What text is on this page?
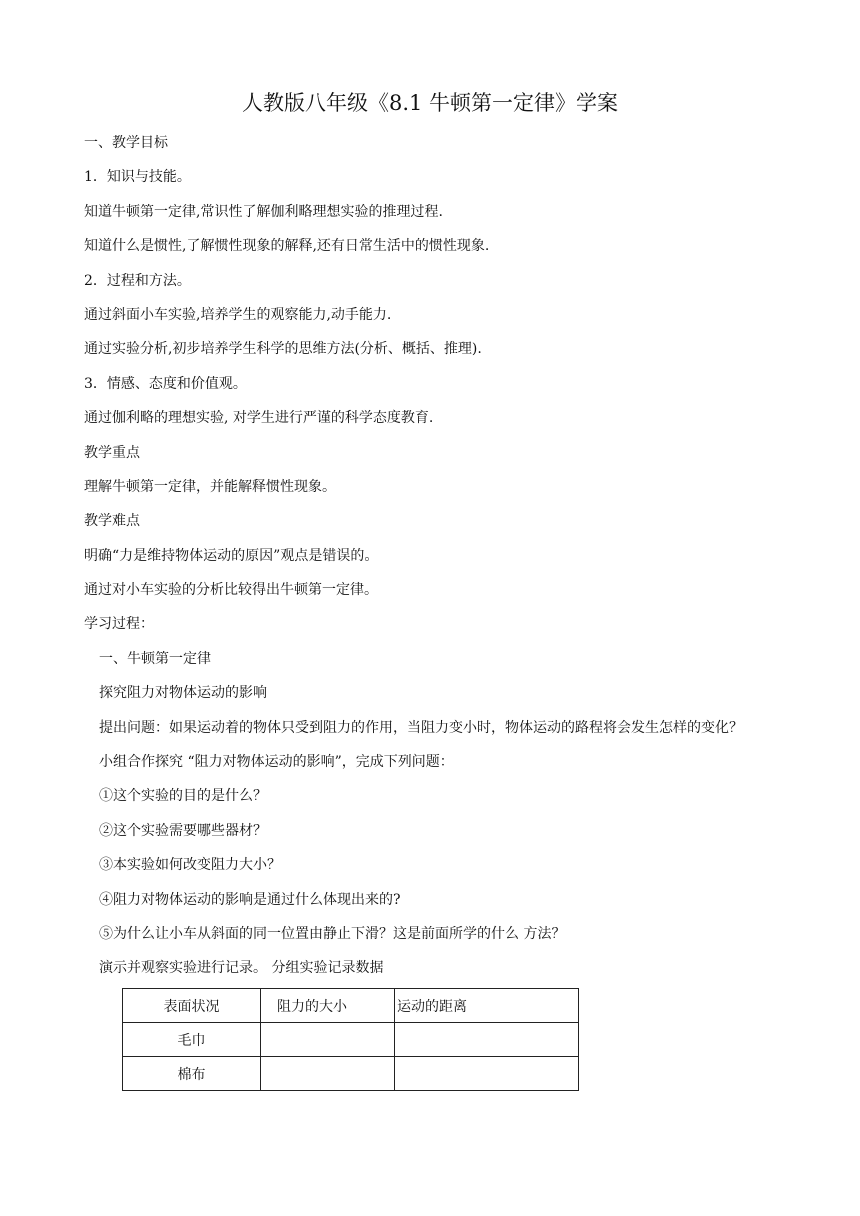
人教版八年级《8.1 牛顿第一定律》学案
一、教学目标
1．知识与技能。
知道牛顿第一定律,常识性了解伽利略理想实验的推理过程.
知道什么是惯性,了解惯性现象的解释,还有日常生活中的惯性现象.
2．过程和方法。
通过斜面小车实验,培养学生的观察能力,动手能力.
通过实验分析,初步培养学生科学的思维方法(分析、概括、推理).
3．情感、态度和价值观。
通过伽利略的理想实验, 对学生进行严谨的科学态度教育.
教学重点
理解牛顿第一定律，并能解释惯性现象。
教学难点
明确“力是维持物体运动的原因”观点是错误的。
通过对小车实验的分析比较得出牛顿第一定律。
学习过程：
一、牛顿第一定律
探究阻力对物体运动的影响
提出问题：如果运动着的物体只受到阻力的作用，当阻力变小时，物体运动的路程将会发生怎样的变化？
小组合作探究 “阻力对物体运动的影响”，完成下列问题：
①这个实验的目的是什么？
②这个实验需要哪些器材？
③本实验如何改变阻力大小？
④阻力对物体运动的影响是通过什么体现出来的?
⑤为什么让小车从斜面的同一位置由静止下滑？这是前面所学的什么 方法？
演示并观察实验进行记录。 分组实验记录数据
表面状况	阻力的大小	运动的距离
毛巾		
棉布		
